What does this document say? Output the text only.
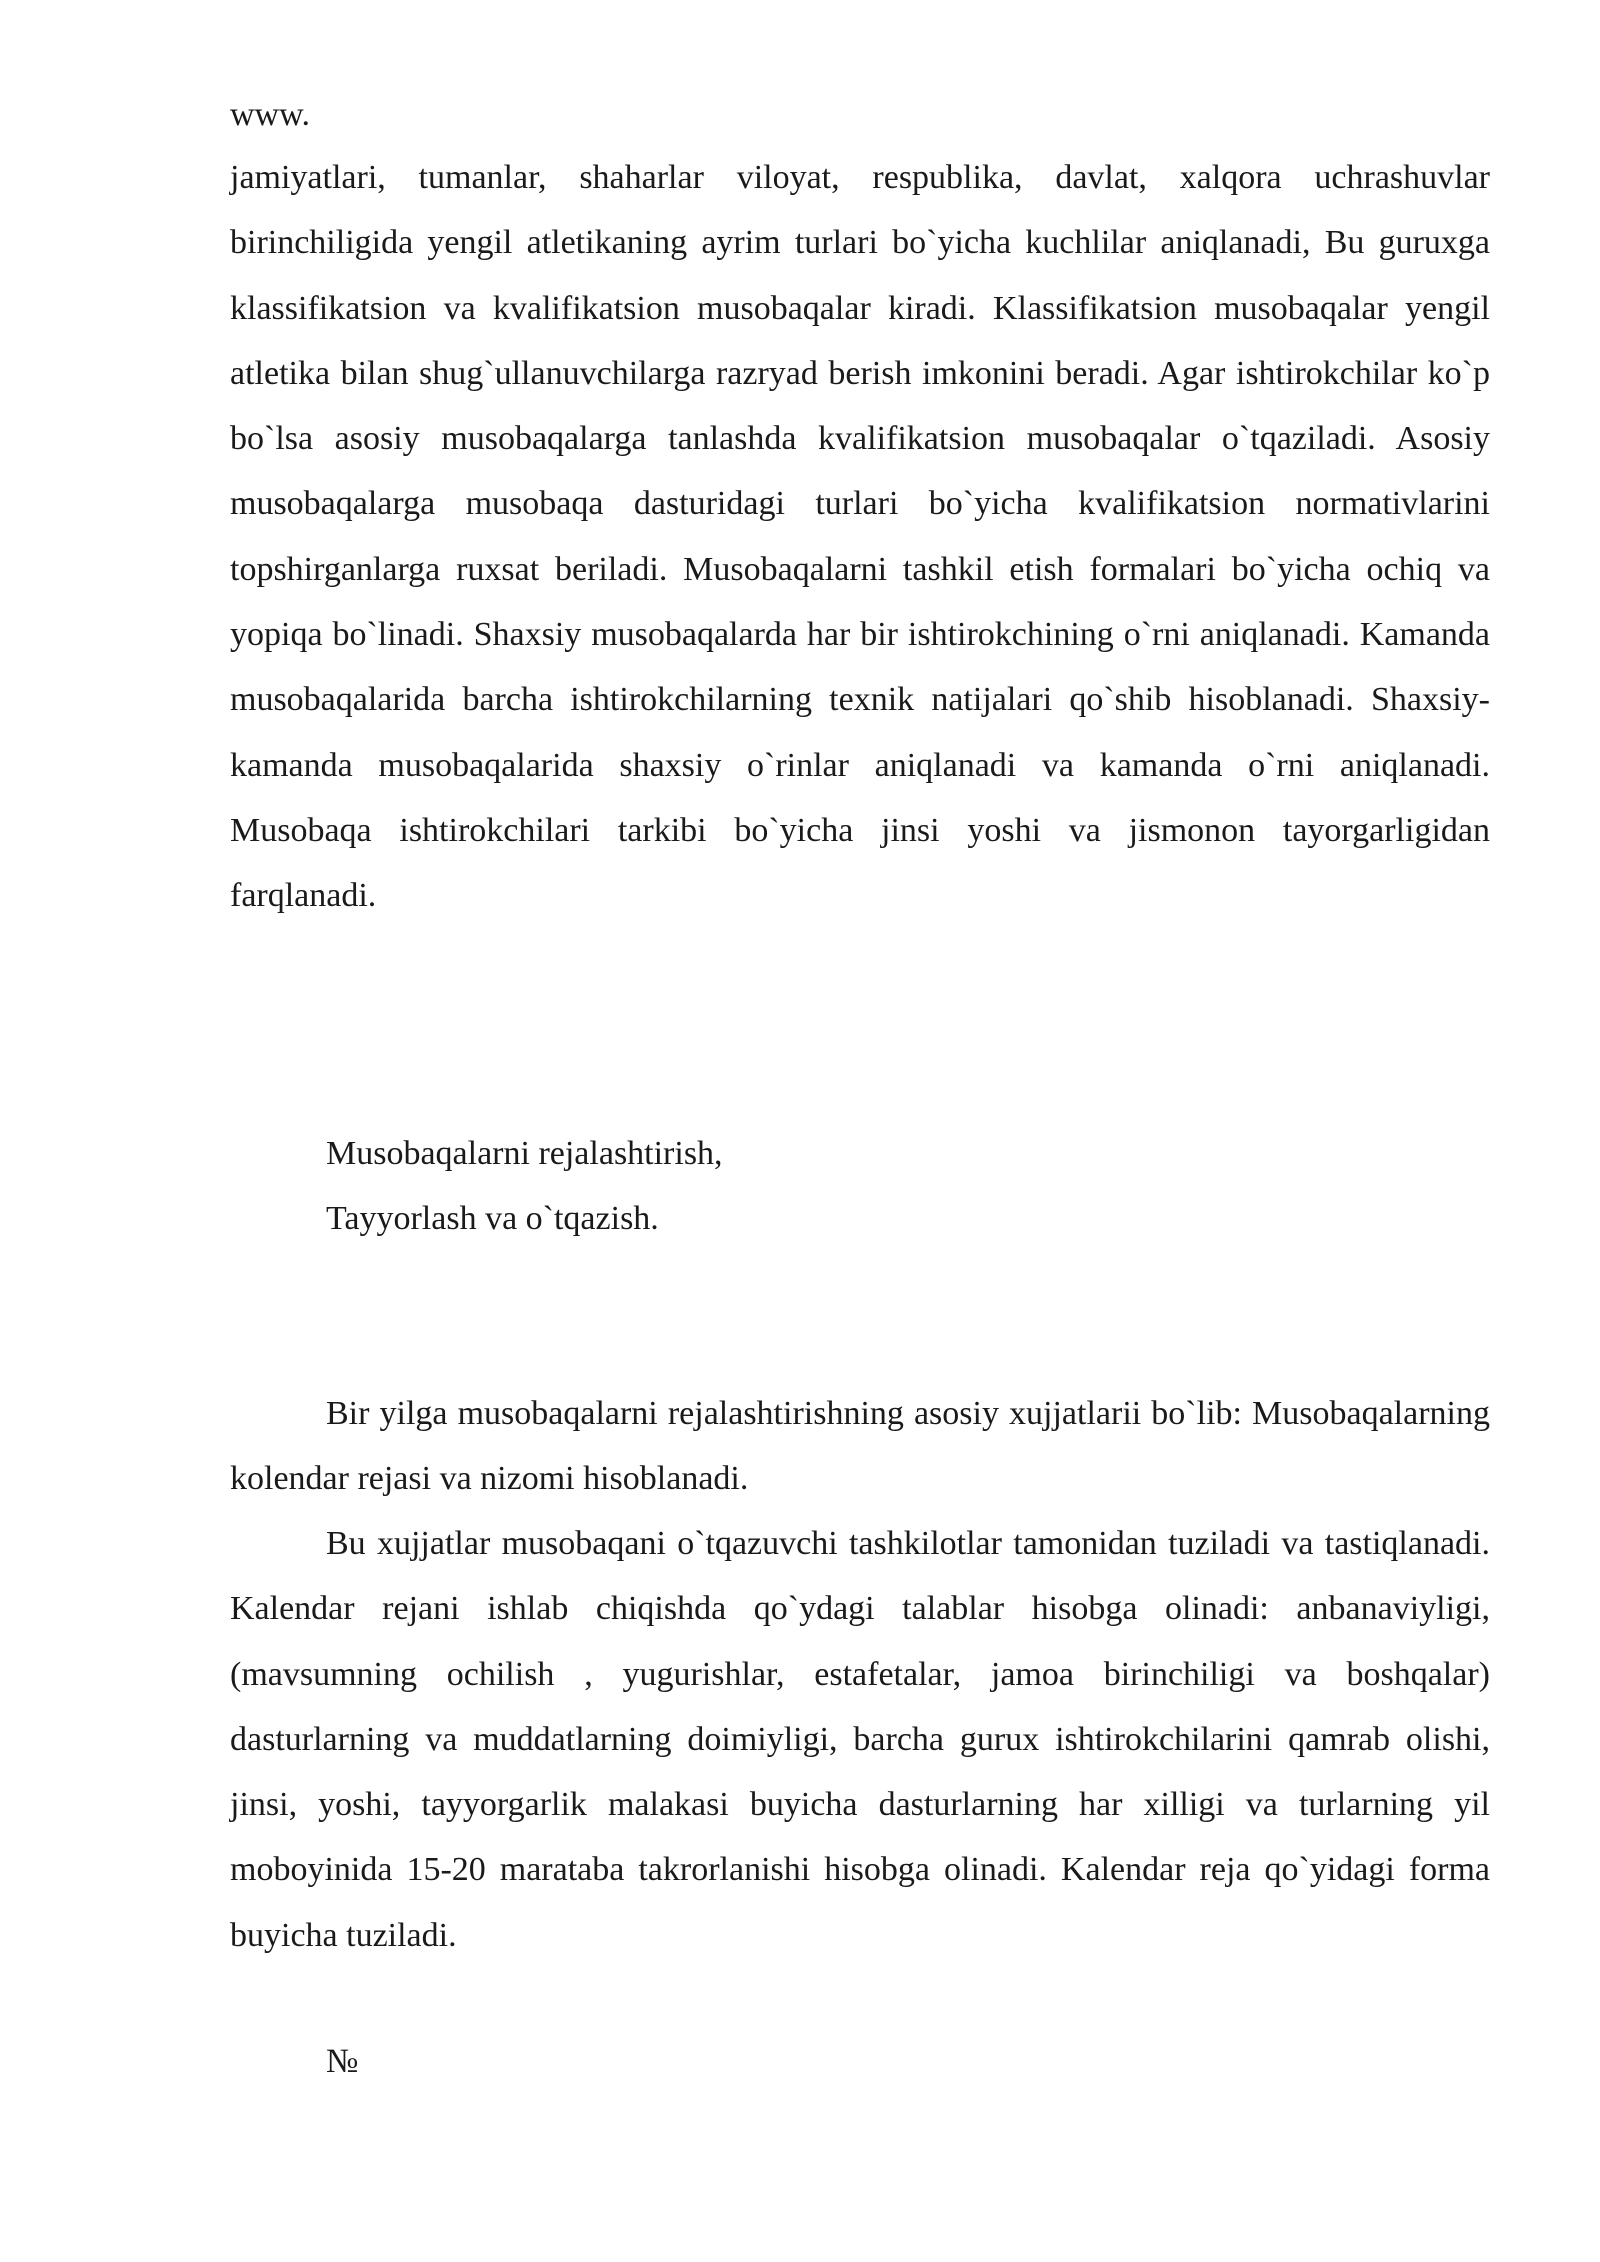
www.

jamiyatlari, tumanlar, shaharlar viloyat, respublika, davlat, xalqora uchrashuvlar birinchiligida yengil atletikaning ayrim turlari bo`yicha kuchlilar aniqlanadi, Bu guruxga klassifikatsion va kvalifikatsion musobaqalar kiradi. Klassifikatsion musobaqalar yengil atletika bilan shug`ullanuvchilarga razryad berish imkonini beradi. Agar ishtirokchilar ko`p bo`lsa asosiy musobaqalarga tanlashda kvalifikatsion musobaqalar o`tqaziladi. Asosiy musobaqalarga musobaqa dasturidagi turlari bo`yicha kvalifikatsion normativlarini topshirganlarga ruxsat beriladi. Musobaqalarni tashkil etish formalari bo`yicha ochiq va yopiqa bo`linadi. Shaxsiy musobaqalarda har bir ishtirokchining o`rni aniqlanadi. Kamanda musobaqalarida barcha ishtirokchilarning texnik natijalari qo`shib hisoblanadi. Shaxsiy-kamanda musobaqalarida shaxsiy o`rinlar aniqlanadi va kamanda o`rni aniqlanadi. Musobaqa ishtirokchilari tarkibi bo`yicha jinsi yoshi va jismonon tayorgarligidan farqlanadi.

Musobaqalarni rejalashtirish,

Tayyorlash va o`tqazish.

Bir yilga musobaqalarni rejalashtirishning asosiy xujjatlarii bo`lib: Musobaqalarning kolendar rejasi va nizomi hisoblanadi.

Bu xujjatlar musobaqani o`tqazuvchi tashkilotlar tamonidan tuziladi va tastiqlanadi. Kalendar rejani ishlab chiqishda qo`ydagi talablar hisobga olinadi: anbanaviyligi, (mavsumning ochilish , yugurishlar, estafetalar, jamoa birinchiligi va boshqalar) dasturlarning va muddatlarning doimiyligi, barcha gurux ishtirokchilarini qamrab olishi, jinsi, yoshi, tayyorgarlik malakasi buyicha dasturlarning har xilligi va turlarning yil moboyinida 15-20 marataba takrorlanishi hisobga olinadi. Kalendar reja qo`yidagi forma buyicha tuziladi.

№
